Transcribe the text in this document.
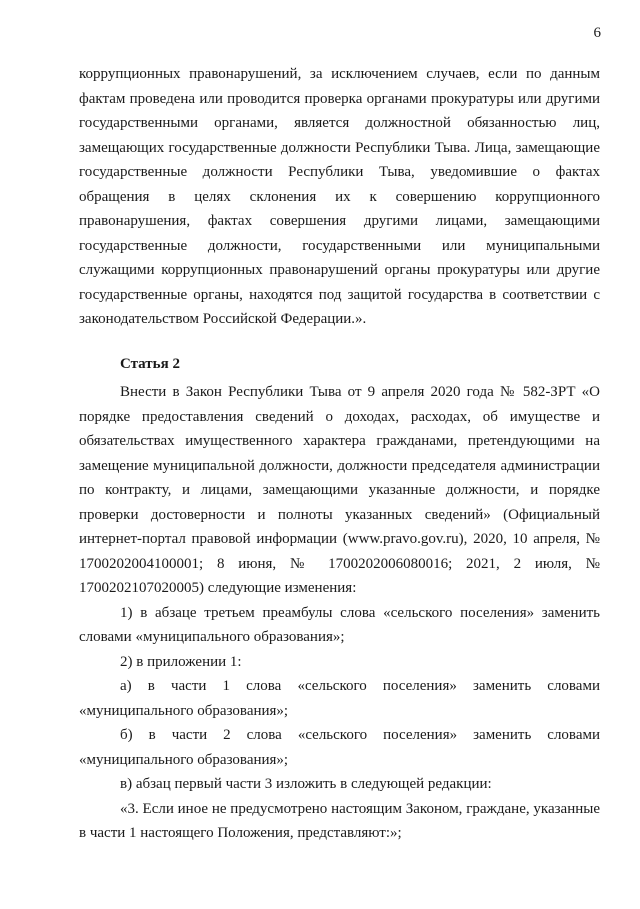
6

коррупционных правонарушений, за исключением случаев, если по данным фактам проведена или проводится проверка органами прокуратуры или другими государственными органами, является должностной обязанностью лиц, замещающих государственные должности Республики Тыва. Лица, замещающие государственные должности Республики Тыва, уведомившие о фактах обращения в целях склонения их к совершению коррупционного правонарушения, фактах совершения другими лицами, замещающими государственные должности, государственными или муниципальными служащими коррупционных правонарушений органы прокуратуры или другие государственные органы, находятся под защитой государства в соответствии с законодательством Российской Федерации.».

Статья 2

Внести в Закон Республики Тыва от 9 апреля 2020 года № 582-ЗРТ «О порядке предоставления сведений о доходах, расходах, об имуществе и обязательствах имущественного характера гражданами, претендующими на замещение муниципальной должности, должности председателя администрации по контракту, и лицами, замещающими указанные должности, и порядке проверки достоверности и полноты указанных сведений» (Официальный интернет-портал правовой информации (www.pravo.gov.ru), 2020, 10 апреля, № 1700202004100001; 8 июня, № 1700202006080016; 2021, 2 июля, № 1700202107020005) следующие изменения:

1) в абзаце третьем преамбулы слова «сельского поселения» заменить словами «муниципального образования»;

2) в приложении 1:

а) в части 1 слова «сельского поселения» заменить словами «муниципального образования»;

б) в части 2 слова «сельского поселения» заменить словами «муниципального образования»;

в) абзац первый части 3 изложить в следующей редакции:

«3. Если иное не предусмотрено настоящим Законом, граждане, указанные в части 1 настоящего Положения, представляют:»;
